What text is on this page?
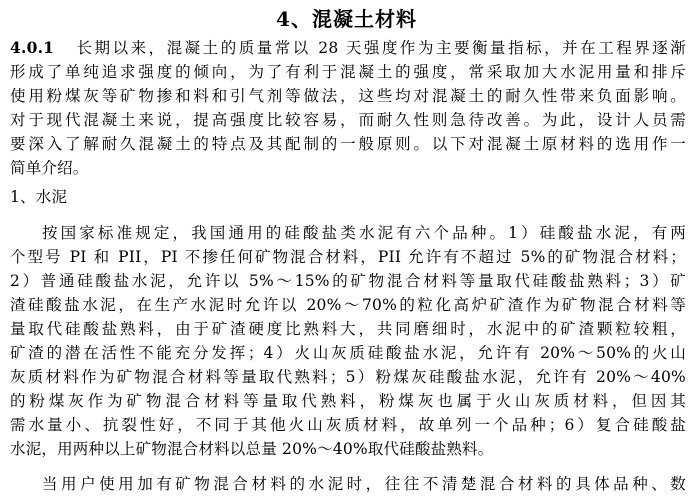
4、混凝土材料
4.0.1 长期以来，混凝土的质量常以 28 天强度作为主要衡量指标，并在工程界逐渐
形成了单纯追求强度的倾向，为了有利于混凝土的强度，常采取加大水泥用量和排斥
使用粉煤灰等矿物掺和料和引气剂等做法，这些均对混凝土的耐久性带来负面影响。
对于现代混凝土来说，提高强度比较容易，而耐久性则急待改善。为此，设计人员需
要深入了解耐久混凝土的特点及其配制的一般原则。以下对混凝土原材料的选用作一
简单介绍。
1、水泥
按国家标准规定，我国通用的硅酸盐类水泥有六个品种。1）硅酸盐水泥，有两
个型号 PI 和 PII，PI 不掺任何矿物混合材料，PII 允许有不超过 5%的矿物混合材料；
2）普通硅酸盐水泥，允许以 5%～15%的矿物混合材料等量取代硅酸盐熟料；3）矿
渣硅酸盐水泥，在生产水泥时允许以 20%～70%的粒化高炉矿渣作为矿物混合材料等
量取代硅酸盐熟料，由于矿渣硬度比熟料大，共同磨细时，水泥中的矿渣颗粒较粗，
矿渣的潜在活性不能充分发挥；4）火山灰质硅酸盐水泥，允许有 20%～50%的火山
灰质材料作为矿物混合材料等量取代熟料；5）粉煤灰硅酸盐水泥，允许有 20%～40%
的粉煤灰作为矿物混合材料等量取代熟料，粉煤灰也属于火山灰质材料，但因其
需水量小、抗裂性好，不同于其他火山灰质材料，故单列一个品种；6）复合硅酸盐
水泥，用两种以上矿物混合材料以总量 20%～40%取代硅酸盐熟料。
当用户使用加有矿物混合材料的水泥时，往往不清楚混合材料的具体品种、数
